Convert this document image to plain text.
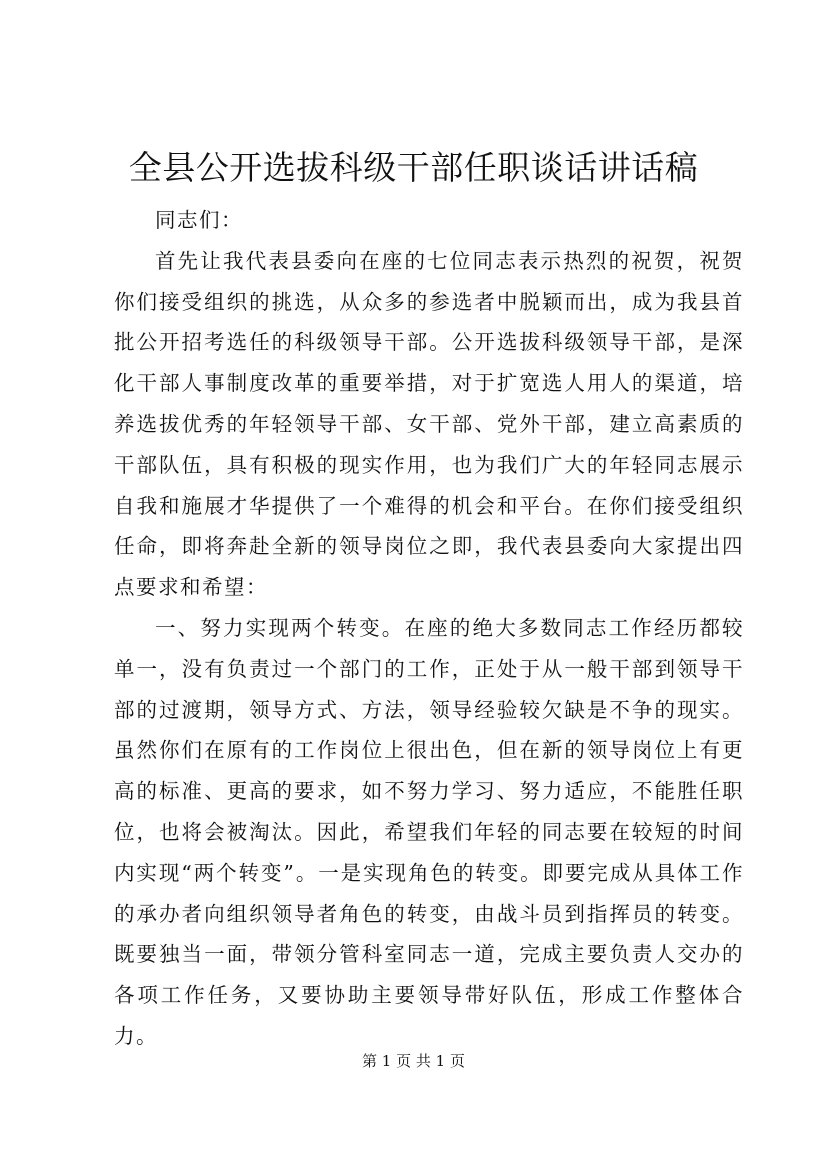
全县公开选拔科级干部任职谈话讲话稿

同志们：

首先让我代表县委向在座的七位同志表示热烈的祝贺，祝贺你们接受组织的挑选，从众多的参选者中脱颖而出，成为我县首批公开招考选任的科级领导干部。公开选拔科级领导干部，是深化干部人事制度改革的重要举措，对于扩宽选人用人的渠道，培养选拔优秀的年轻领导干部、女干部、党外干部，建立高素质的干部队伍，具有积极的现实作用，也为我们广大的年轻同志展示自我和施展才华提供了一个难得的机会和平台。在你们接受组织任命，即将奔赴全新的领导岗位之即，我代表县委向大家提出四点要求和希望：

一、努力实现两个转变。在座的绝大多数同志工作经历都较单一，没有负责过一个部门的工作，正处于从一般干部到领导干部的过渡期，领导方式、方法，领导经验较欠缺是不争的现实。虽然你们在原有的工作岗位上很出色，但在新的领导岗位上有更高的标准、更高的要求，如不努力学习、努力适应，不能胜任职位，也将会被淘汰。因此，希望我们年轻的同志要在较短的时间内实现“两个转变”。一是实现角色的转变。即要完成从具体工作的承办者向组织领导者角色的转变，由战斗员到指挥员的转变。既要独当一面，带领分管科室同志一道，完成主要负责人交办的各项工作任务，又要协助主要领导带好队伍，形成工作整体合力。

第 1 页 共 1 页
